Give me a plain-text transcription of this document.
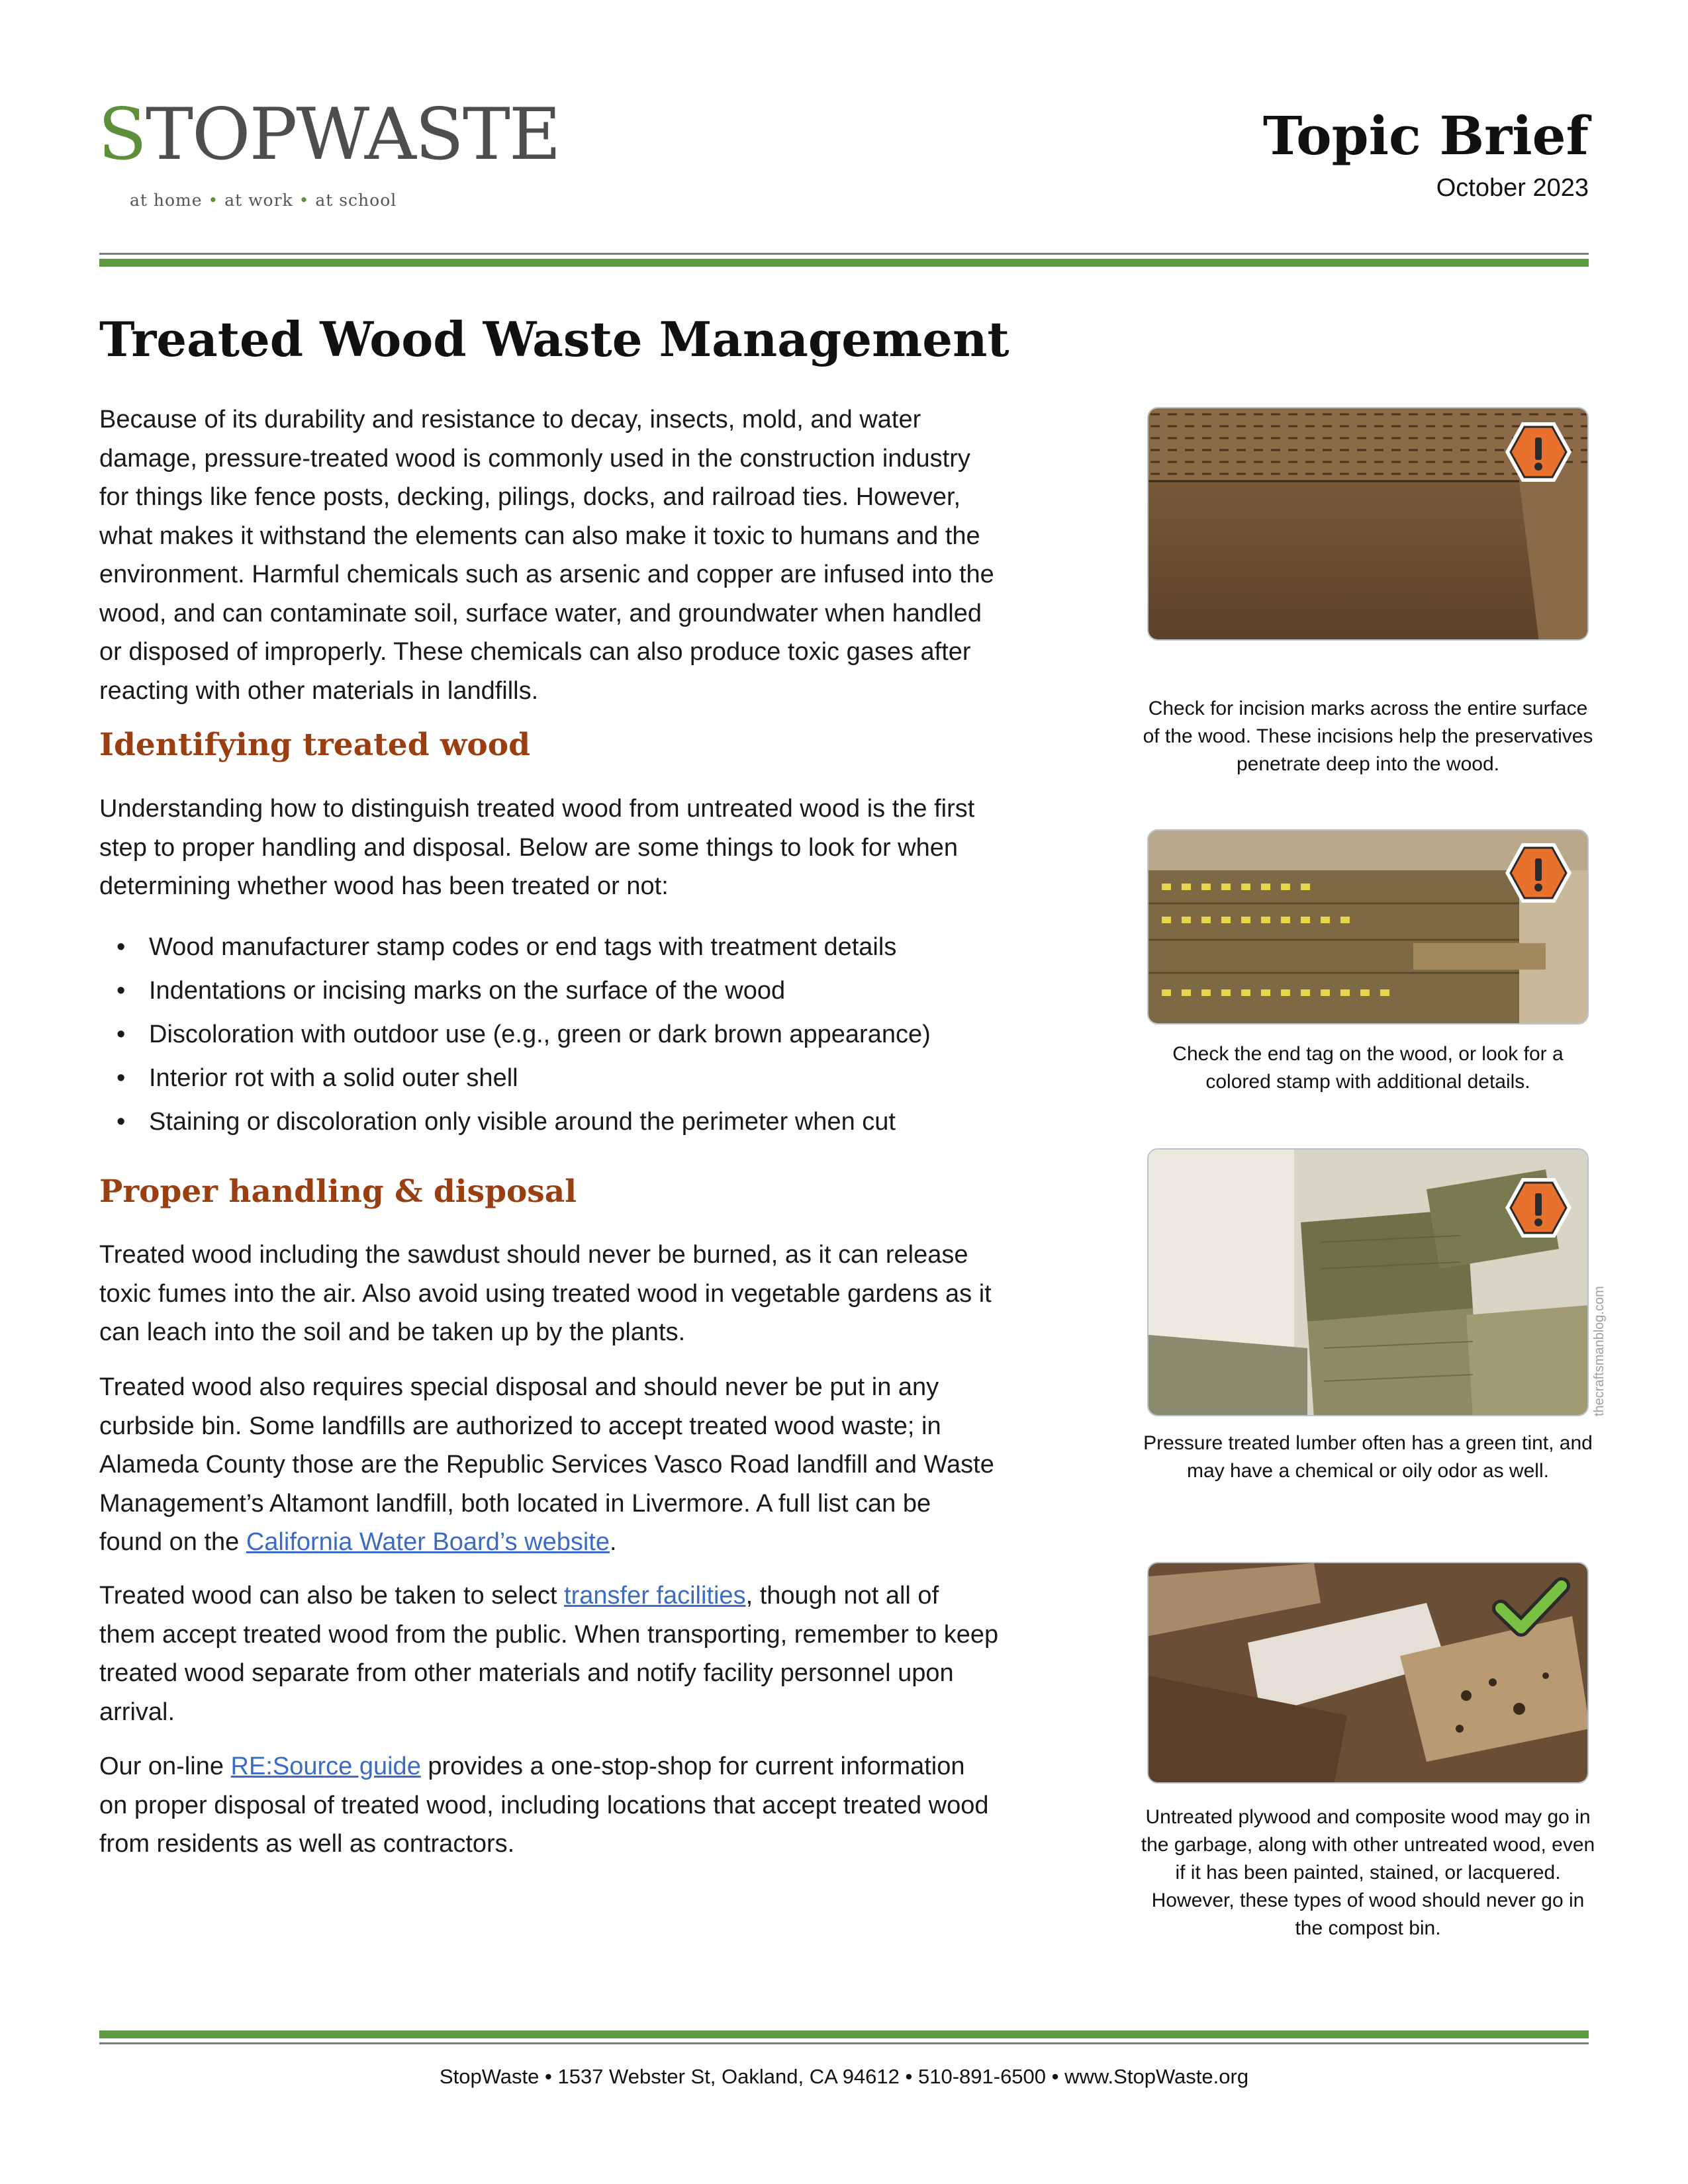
STOPWASTE
at home • at work • at school
Topic Brief
October 2023
Treated Wood Waste Management

Because of its durability and resistance to decay, insects, mold, and water damage, pressure-treated wood is commonly used in the construction industry for things like fence posts, decking, pilings, docks, and railroad ties. However, what makes it withstand the elements can also make it toxic to humans and the environment. Harmful chemicals such as arsenic and copper are infused into the wood, and can contaminate soil, surface water, and groundwater when handled or disposed of improperly. These chemicals can also produce toxic gases after reacting with other materials in landfills.

Identifying treated wood

Understanding how to distinguish treated wood from untreated wood is the first step to proper handling and disposal. Below are some things to look for when determining whether wood has been treated or not:

• Wood manufacturer stamp codes or end tags with treatment details
• Indentations or incising marks on the surface of the wood
• Discoloration with outdoor use (e.g., green or dark brown appearance)
• Interior rot with a solid outer shell
• Staining or discoloration only visible around the perimeter when cut
Proper handling & disposal

Treated wood including the sawdust should never be burned, as it can release toxic fumes into the air. Also avoid using treated wood in vegetable gardens as it can leach into the soil and be taken up by the plants.

Treated wood also requires special disposal and should never be put in any curbside bin. Some landfills are authorized to accept treated wood waste; in Alameda County those are the Republic Services Vasco Road landfill and Waste Management’s Altamont landfill, both located in Livermore. A full list can be found on the California Water Board’s website.

Treated wood can also be taken to select transfer facilities, though not all of them accept treated wood from the public. When transporting, remember to keep treated wood separate from other materials and notify facility personnel upon arrival.

Our on-line RE:Source guide provides a one-stop-shop for current information on proper disposal of treated wood, including locations that accept treated wood from residents as well as contractors.

Check for incision marks across the entire surface of the wood. These incisions help the preservatives penetrate deep into the wood.
Check the end tag on the wood, or look for a colored stamp with additional details.
thecraftsmanblog.com
Pressure treated lumber often has a green tint, and may have a chemical or oily odor as well.
Untreated plywood and composite wood may go in the garbage, along with other untreated wood, even if it has been painted, stained, or lacquered. However, these types of wood should never go in the compost bin.
StopWaste • 1537 Webster St, Oakland, CA 94612 • 510-891-6500 • www.StopWaste.org
